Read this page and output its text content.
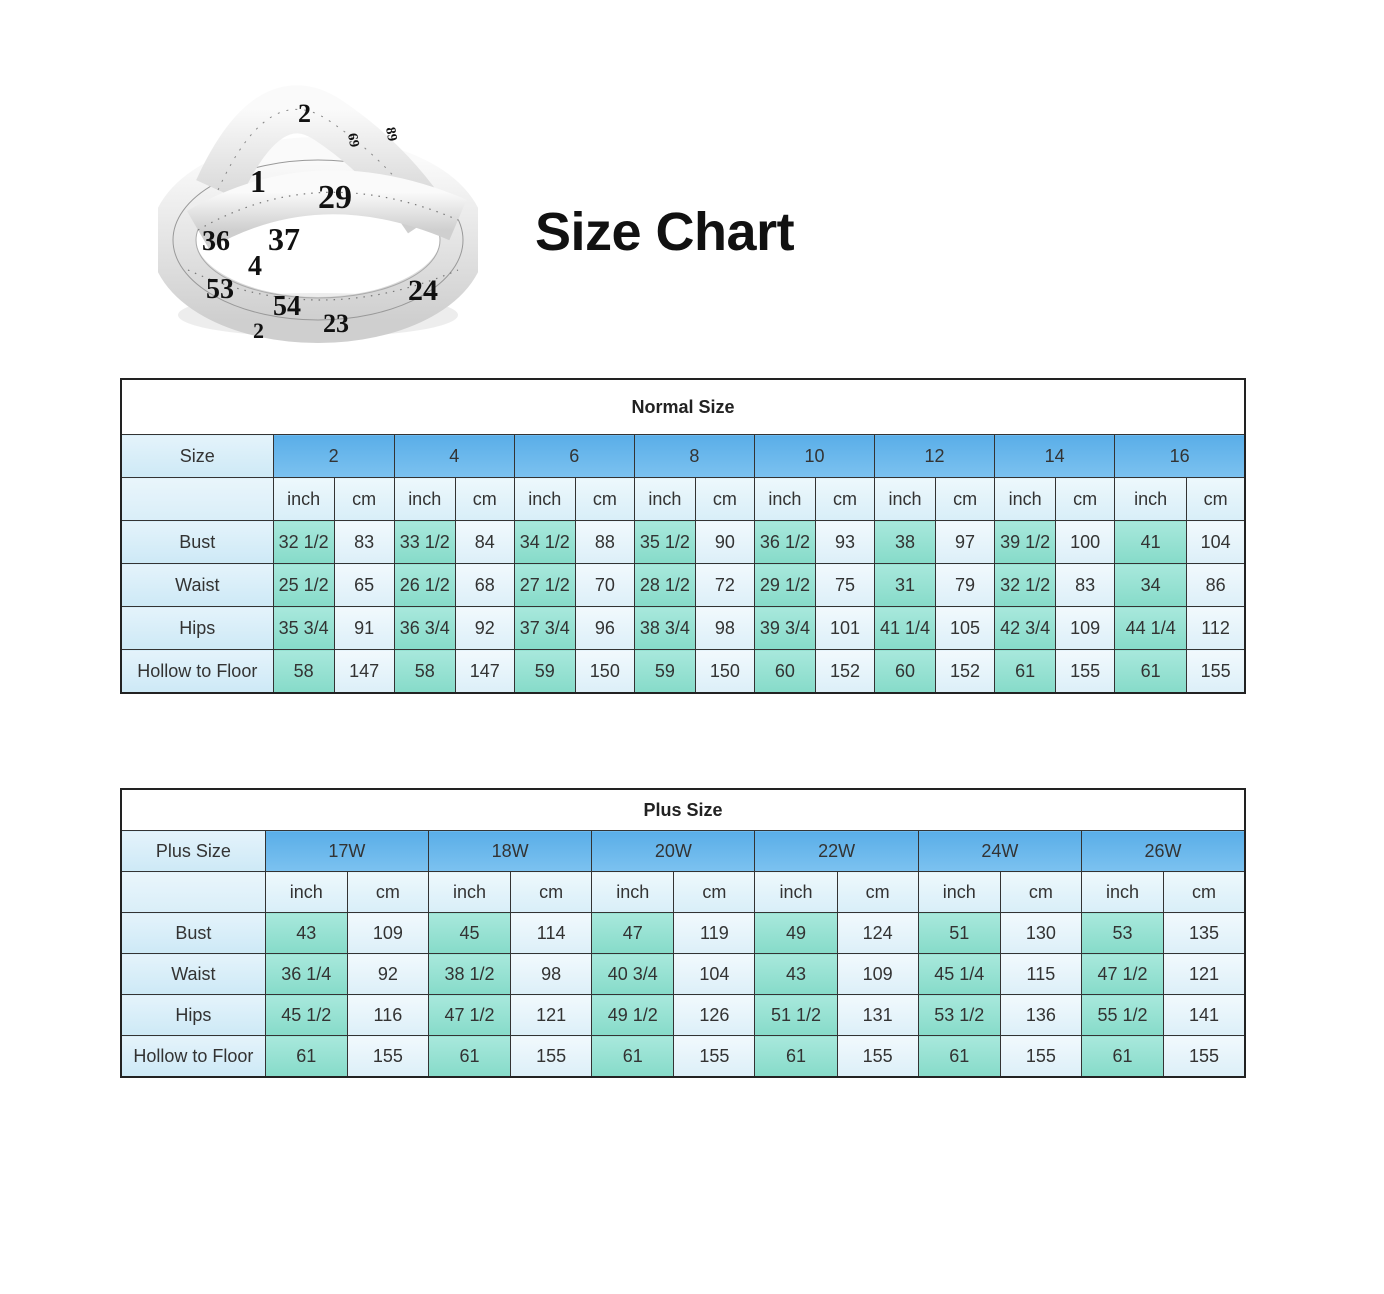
2
69 89
29
1
37
36
4
53
54
23
2
24
Size Chart
Normal Size																
Size	2		4		6		8		10		12		14		16	
	inch	cm	inch	cm	inch	cm	inch	cm	inch	cm	inch	cm	inch	cm	inch	cm
Bust	32 1/2	83	33 1/2	84	34 1/2	88	35 1/2	90	36 1/2	93	38	97	39 1/2	100	41	104
Waist	25 1/2	65	26 1/2	68	27 1/2	70	28 1/2	72	29 1/2	75	31	79	32 1/2	83	34	86
Hips	35 3/4	91	36 3/4	92	37 3/4	96	38 3/4	98	39 3/4	101	41 1/4	105	42 3/4	109	44 1/4	112
Hollow to Floor	58	147	58	147	59	150	59	150	60	152	60	152	61	155	61	155
Plus Size												
Plus Size	17W		18W		20W		22W		24W		26W	
	inch	cm	inch	cm	inch	cm	inch	cm	inch	cm	inch	cm
Bust	43	109	45	114	47	119	49	124	51	130	53	135
Waist	36 1/4	92	38 1/2	98	40 3/4	104	43	109	45 1/4	115	47 1/2	121
Hips	45 1/2	116	47 1/2	121	49 1/2	126	51 1/2	131	53 1/2	136	55 1/2	141
Hollow to Floor	61	155	61	155	61	155	61	155	61	155	61	155
